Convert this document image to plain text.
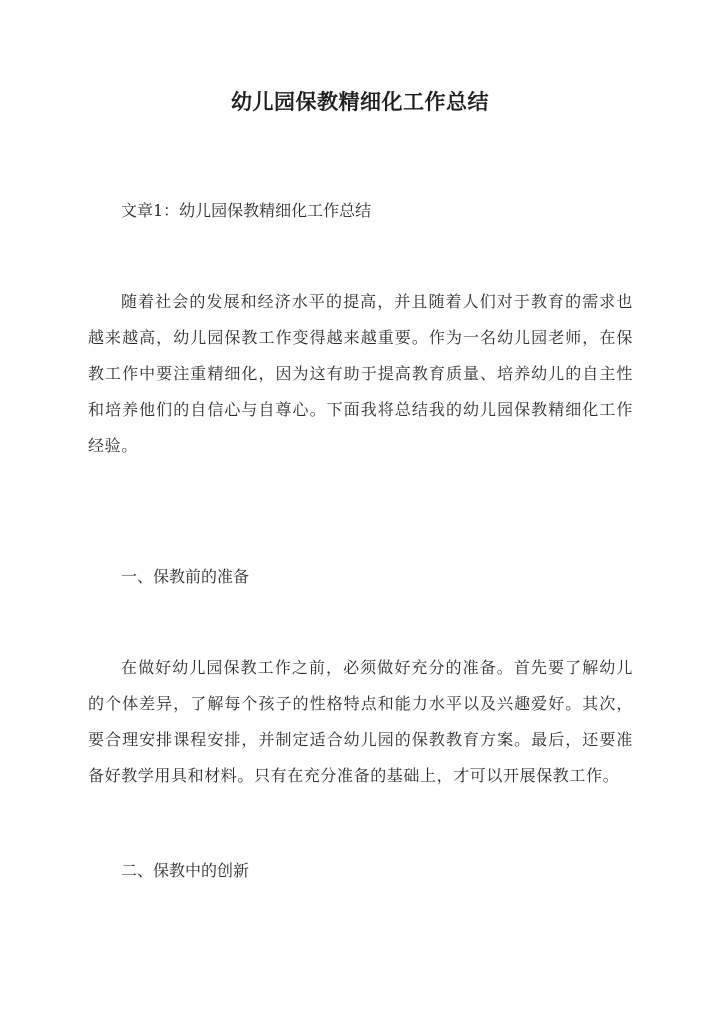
幼儿园保教精细化工作总结

文章1：幼儿园保教精细化工作总结

随着社会的发展和经济水平的提高，并且随着人们对于教育的需求也越来越高，幼儿园保教工作变得越来越重要。作为一名幼儿园老师，在保教工作中要注重精细化，因为这有助于提高教育质量、培养幼儿的自主性和培养他们的自信心与自尊心。下面我将总结我的幼儿园保教精细化工作经验。

一、保教前的准备

在做好幼儿园保教工作之前，必须做好充分的准备。首先要了解幼儿的个体差异，了解每个孩子的性格特点和能力水平以及兴趣爱好。其次，要合理安排课程安排，并制定适合幼儿园的保教教育方案。最后，还要准备好教学用具和材料。只有在充分准备的基础上，才可以开展保教工作。

二、保教中的创新
